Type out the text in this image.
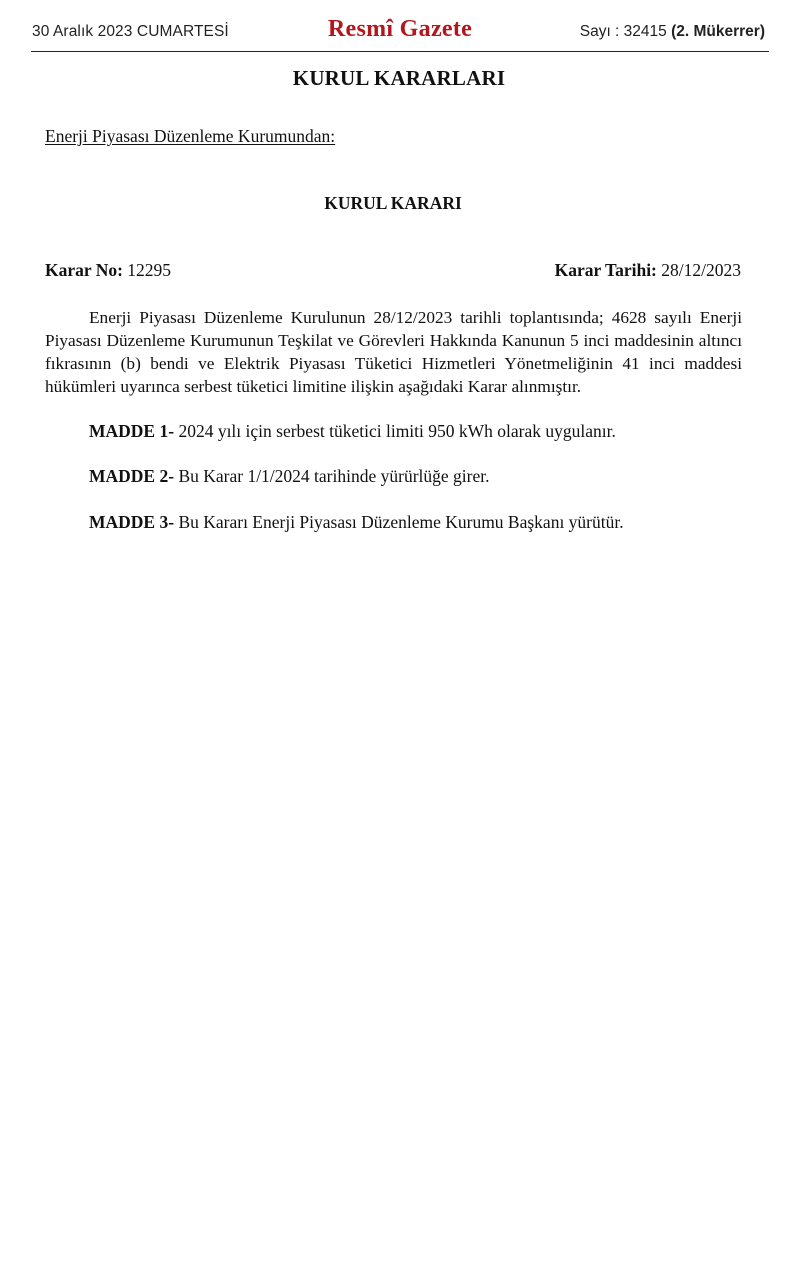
30 Aralık 2023 CUMARTESİ	Resmî Gazete	Sayı : 32415 (2. Mükerrer)
KURUL KARARLARI
Enerji Piyasası Düzenleme Kurumundan:
KURUL KARARI
Karar No: 12295	Karar Tarihi: 28/12/2023

Enerji Piyasası Düzenleme Kurulunun 28/12/2023 tarihli toplantısında; 4628 sayılı Enerji Piyasası Düzenleme Kurumunun Teşkilat ve Görevleri Hakkında Kanunun 5 inci maddesinin altıncı fıkrasının (b) bendi ve Elektrik Piyasası Tüketici Hizmetleri Yönetmeliğinin 41 inci maddesi hükümleri uyarınca serbest tüketici limitine ilişkin aşağıdaki Karar alınmıştır.

MADDE 1- 2024 yılı için serbest tüketici limiti 950 kWh olarak uygulanır.

MADDE 2- Bu Karar 1/1/2024 tarihinde yürürlüğe girer.

MADDE 3- Bu Kararı Enerji Piyasası Düzenleme Kurumu Başkanı yürütür.
